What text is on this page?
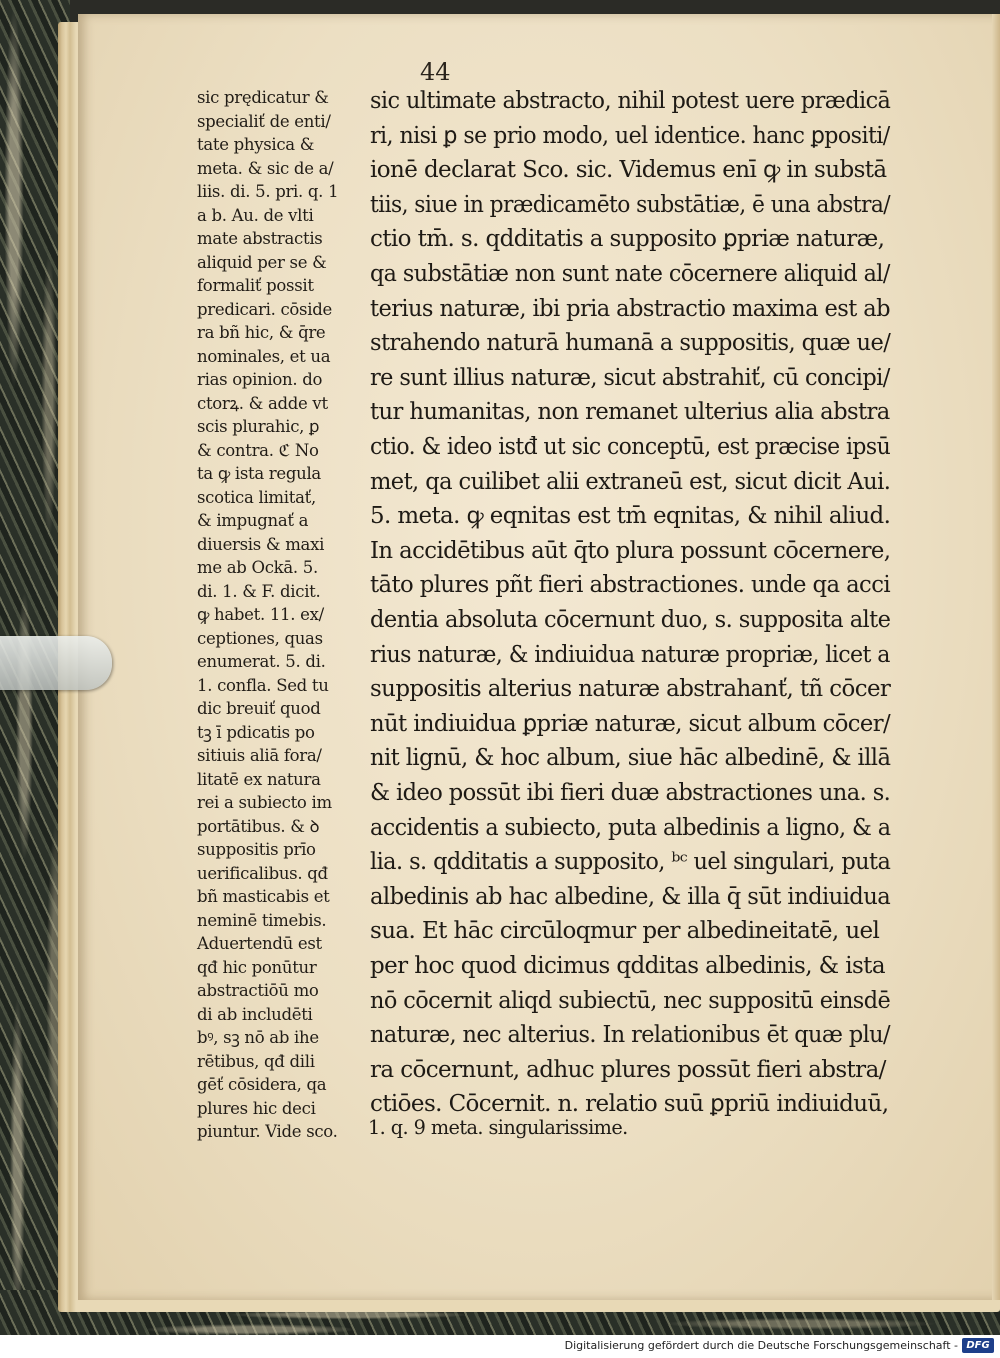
44
sic prędicatur &
specialiť de enti/
tate physica &
meta. & sic de a/
liis. di. 5. pri. q. 1
a b. Au. de vlti
mate abstractis
aliquid per se &
formaliť possit
predicari. cōside
ra bñ hic, & q̄re
nominales, et ua
rias opinion. do
ctorꝝ. & adde vt
scis plurahic, ꝑ
& contra. ℭ No
ta ꝙ ista regula
scotica limitať,
& impugnať a
diuersis & maxi
me ab Ockā. 5.
di. 1. & F. dicit.
ꝙ habet. 11. ex/
ceptiones, quas
enumerat. 5. di.
1. confla. Sed tu
dic breuiť quod
tꝫ ī pdicatis po
sitiuis aliā fora/
litatē ex natura
rei a subiecto im
portātibus. & ꝺ
suppositis prīo
uerificalibus. qđ
bñ masticabis et
neminē timebis.
Aduertendū est
qđ hic ponūtur
abstractiōū mo
di ab includēti
bꝰ, sꝫ nō ab ihe
rētibus, qđ dili
gēť cōsidera, qa
plures hic deci
piuntur. Vide sco.
sic ultimate abstracto, nihil potest uere prædicā
ri, nisi ꝑ se prio modo, uel identice. hanc ꝑpositi/
ionē declarat Sco. sic. Videmus enī ꝙ in substā
tiis, siue in prædicamēto substātiæ, ē una abstra/
ctio tm̄. s. qdditatis a supposito ꝑpriæ naturæ,
qa substātiæ non sunt nate cōcernere aliquid al/
terius naturæ, ibi pria abstractio maxima est ab
strahendo naturā humanā a suppositis, quæ ue/
re sunt illius naturæ, sicut abstrahiť, cū concipi/
tur humanitas, non remanet ulterius alia abstra
ctio. & ideo istđ ut sic conceptū, est præcise ipsū
met, qa cuilibet alii extraneū est, sicut dicit Aui.
5. meta. ꝙ eqnitas est tm̄ eqnitas, & nihil aliud.
In accidētibus aūt q̄to plura possunt cōcernere,
tāto plures pñt fieri abstractiones. unde qa acci
dentia absoluta cōcernunt duo, s. supposita alte
rius naturæ, & indiuidua naturæ propriæ, licet a
suppositis alterius naturæ abstrahanť, tñ cōcer
nūt indiuidua ꝑpriæ naturæ, sicut album cōcer/
nit lignū, & hoc album, siue hāc albedinē, & illā
& ideo possūt ibi fieri duæ abstractiones una. s.
accidentis a subiecto, puta albedinis a ligno, & a
lia. s. qdditatis a supposito, ᵇᶜ uel singulari, puta
albedinis ab hac albedine, & illa q̄ sūt indiuidua
sua. Et hāc circūloqmur per albedineitatē, uel
per hoc quod dicimus qdditas albedinis, & ista
nō cōcernit aliqd subiectū, nec suppositū einsdē
naturæ, nec alterius. In relationibus ēt quæ plu/
ra cōcernunt, adhuc plures possūt fieri abstra/
ctiōes. Cōcernit. n. relatio suū ꝑpriū indiuiduū,
1. q. 9 meta. singularissime.
Digitalisierung gefördert durch die Deutsche Forschungsgemeinschaft - DFG
